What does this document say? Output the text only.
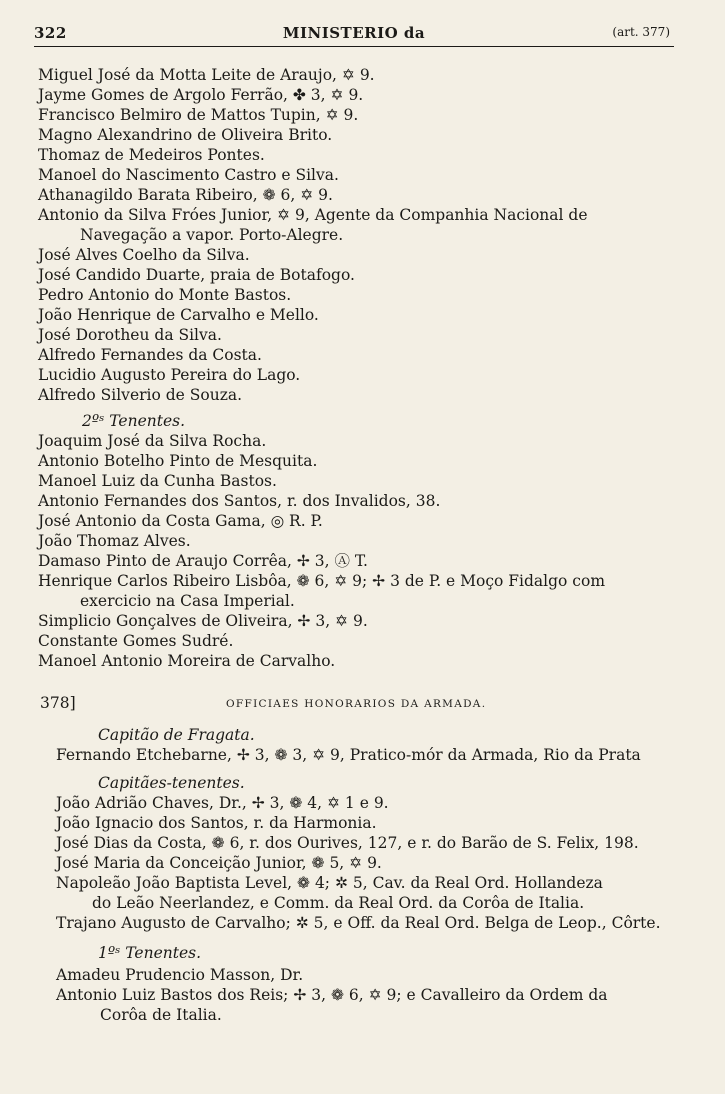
322	MINISTERIO da	(art. 377)
Miguel José da Motta Leite de Araujo, ✡ 9.
Jayme Gomes de Argolo Ferrão, ✤ 3, ✡ 9.
Francisco Belmiro de Mattos Tupin, ✡ 9.
Magno Alexandrino de Oliveira Brito.
Thomaz de Medeiros Pontes.
Manoel do Nascimento Castro e Silva.
Athanagildo Barata Ribeiro, ❁ 6, ✡ 9.
Antonio da Silva Fróes Junior, ✡ 9, Agente da Companhia Nacional de
Navegação a vapor. Porto-Alegre.
José Alves Coelho da Silva.
José Candido Duarte, praia de Botafogo.
Pedro Antonio do Monte Bastos.
João Henrique de Carvalho e Mello.
José Dorotheu da Silva.
Alfredo Fernandes da Costa.
Lucidio Augusto Pereira do Lago.
Alfredo Silverio de Souza.
2ºˢ Tenentes.
Joaquim José da Silva Rocha.
Antonio Botelho Pinto de Mesquita.
Manoel Luiz da Cunha Bastos.
Antonio Fernandes dos Santos, r. dos Invalidos, 38.
José Antonio da Costa Gama, ◎ R. P.
João Thomaz Alves.
Damaso Pinto de Araujo Corrêa, ✢ 3, Ⓐ T.
Henrique Carlos Ribeiro Lisbôa, ❁ 6, ✡ 9; ✢ 3 de P. e Moço Fidalgo com
exercicio na Casa Imperial.
Simplicio Gonçalves de Oliveira, ✢ 3, ✡ 9.
Constante Gomes Sudré.
Manoel Antonio Moreira de Carvalho.
378]	OFFICIAES HONORARIOS DA ARMADA.
Capitão de Fragata.
Fernando Etchebarne, ✢ 3, ❁ 3, ✡ 9, Pratico-mór da Armada, Rio da Prata
Capitães-tenentes.
João Adrião Chaves, Dr., ✢ 3, ❁ 4, ✡ 1 e 9.
João Ignacio dos Santos, r. da Harmonia.
José Dias da Costa, ❁ 6, r. dos Ourives, 127, e r. do Barão de S. Felix, 198.
José Maria da Conceição Junior, ❁ 5, ✡ 9.
Napoleão João Baptista Level, ❁ 4; ✲ 5, Cav. da Real Ord. Hollandeza
do Leão Neerlandez, e Comm. da Real Ord. da Corôa de Italia.
Trajano Augusto de Carvalho; ✲ 5, e Off. da Real Ord. Belga de Leop., Côrte.
1ºˢ Tenentes.
Amadeu Prudencio Masson, Dr.
Antonio Luiz Bastos dos Reis; ✢ 3, ❁ 6, ✡ 9; e Cavalleiro da Ordem da
Corôa de Italia.
